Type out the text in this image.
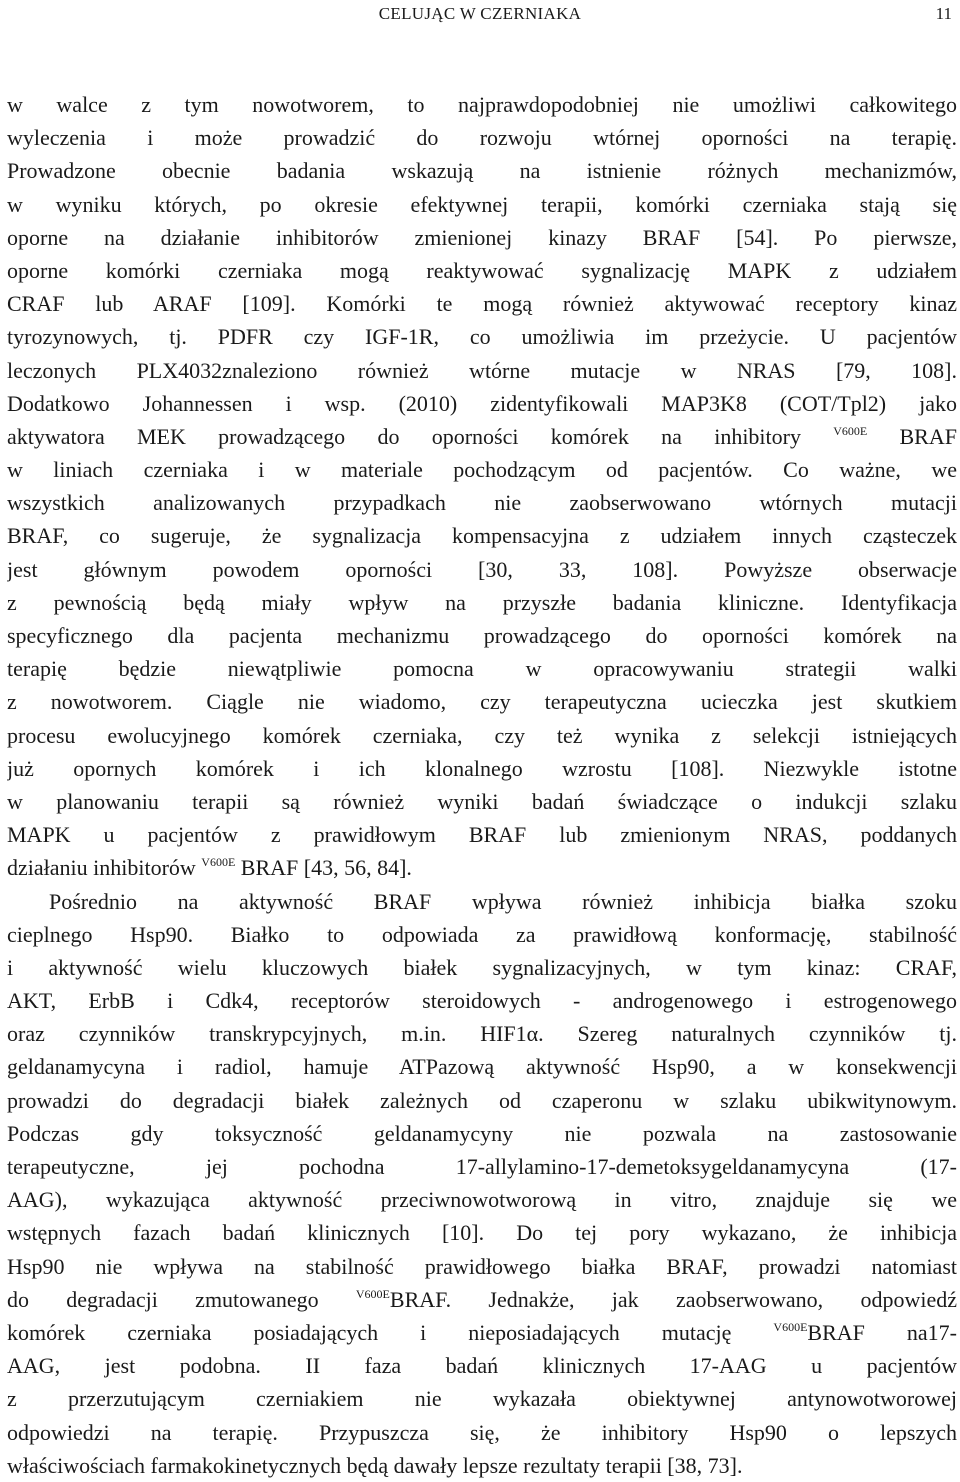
CELUJĄC W CZERNIAKA	11
w walce z tym nowotworem, to najprawdopodobniej nie umożliwi całkowitego
wyleczenia i może prowadzić do rozwoju wtórnej oporności na terapię.
Prowadzone obecnie badania wskazują na istnienie różnych mechanizmów,
w wyniku których, po okresie efektywnej terapii, komórki czerniaka stają się
oporne na działanie inhibitorów zmienionej kinazy BRAF [54]. Po pierwsze,
oporne komórki czerniaka mogą reaktywować sygnalizację MAPK z udziałem
CRAF lub ARAF [109]. Komórki te mogą również aktywować receptory kinaz
tyrozynowych, tj. PDFR czy IGF-1R, co umożliwia im przeżycie. U pacjentów
leczonych PLX4032znaleziono również wtórne mutacje w NRAS [79, 108].
Dodatkowo Johannessen i wsp. (2010) zidentyfikowali MAP3K8 (COT/Tpl2) jako
aktywatora MEK prowadzącego do oporności komórek na inhibitory $^{V600E}$ BRAF
w liniach czerniaka i w materiale pochodzącym od pacjentów. Co ważne, we
wszystkich analizowanych przypadkach nie zaobserwowano wtórnych mutacji
BRAF, co sugeruje, że sygnalizacja kompensacyjna z udziałem innych cząsteczek
jest głównym powodem oporności [30, 33, 108]. Powyższe obserwacje
z pewnością będą miały wpływ na przyszłe badania kliniczne. Identyfikacja
specyficznego dla pacjenta mechanizmu prowadzącego do oporności komórek na
terapię będzie niewątpliwie pomocna w opracowywaniu strategii walki
z nowotworem. Ciągle nie wiadomo, czy terapeutyczna ucieczka jest skutkiem
procesu ewolucyjnego komórek czerniaka, czy też wynika z selekcji istniejących
już opornych komórek i ich klonalnego wzrostu [108]. Niezwykle istotne
w planowaniu terapii są również wyniki badań świadczące o indukcji szlaku
MAPK u pacjentów z prawidłowym BRAF lub zmienionym NRAS, poddanych
działaniu inhibitorów $^{V600E}$ BRAF [43, 56, 84].
Pośrednio na aktywność BRAF wpływa również inhibicja białka szoku
cieplnego Hsp90. Białko to odpowiada za prawidłową konformację, stabilność
i aktywność wielu kluczowych białek sygnalizacyjnych, w tym kinaz: CRAF,
AKT, ErbB i Cdk4, receptorów steroidowych - androgenowego i estrogenowego
oraz czynników transkrypcyjnych, m.in. HIF1α. Szereg naturalnych czynników tj.
geldanamycyna i radiol, hamuje ATPazową aktywność Hsp90, a w konsekwencji
prowadzi do degradacji białek zależnych od czaperonu w szlaku ubikwitynowym.
Podczas gdy toksyczność geldanamycyny nie pozwala na zastosowanie
terapeutyczne, jej pochodna 17-allylamino-17-demetoksygeldanamycyna (17-
AAG), wykazująca aktywność przeciwnowotworową in vitro, znajduje się we
wstępnych fazach badań klinicznych [10]. Do tej pory wykazano, że inhibicja
Hsp90 nie wpływa na stabilność prawidłowego białka BRAF, prowadzi natomiast
do degradacji zmutowanego $^{V600E}$BRAF. Jednakże, jak zaobserwowano, odpowiedź
komórek czerniaka posiadających i nieposiadających mutację $^{V600E}$BRAF na17-
AAG, jest podobna. II faza badań klinicznych 17-AAG u pacjentów
z przerzutującym czerniakiem nie wykazała obiektywnej antynowotworowej
odpowiedzi na terapię. Przypuszcza się, że inhibitory Hsp90 o lepszych
właściwościach farmakokinetycznych będą dawały lepsze rezultaty terapii [38, 73].
